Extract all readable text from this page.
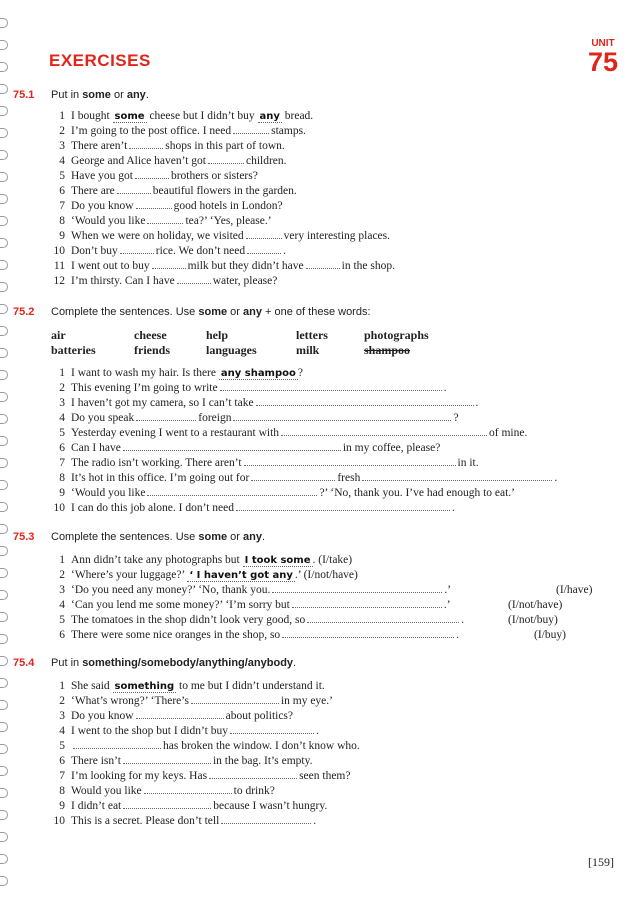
EXERCISES
UNIT
75
75.1 Put in some or any.
1 I bought some cheese but I didn’t buy any bread.
2 I’m going to the post office. I need	stamps.
3 There aren’t	shops in this part of town.
4 George and Alice haven’t got	children.
5 Have you got	brothers or sisters?
6 There are	beautiful flowers in the garden.
7 Do you know	good hotels in London?
8 ‘Would you like	tea?’ ‘Yes, please.’
9 When we were on holiday, we visited	very interesting places.
10 Don’t buy	rice. We don’t need	.
11 I went out to buy	milk but they didn’t have	in the shop.
12 I’m thirsty. Can I have	water, please?
75.2 Complete the sentences. Use some or any + one of these words:
air	cheese	help	letters	photographs
batteries	friends	languages	milk	shampoo
1 I want to wash my hair. Is there any shampoo ?
2 This evening I’m going to write	.
3 I haven’t got my camera, so I can’t take	.
4 Do you speak	foreign	?
5 Yesterday evening I went to a restaurant with	of mine.
6 Can I have	in my coffee, please?
7 The radio isn’t working. There aren’t	in it.
8 It’s hot in this office. I’m going out for	fresh	.
9 ‘Would you like	?’ ‘No, thank you. I’ve had enough to eat.’
10 I can do this job alone. I don’t need	.
75.3 Complete the sentences. Use some or any.
1 Ann didn’t take any photographs but I took some . (I/take)
2 ‘Where’s your luggage?’ ‘ I haven’t got any .’ (I/not/have)
3 ‘Do you need any money?’ ‘No, thank you.	.’	(I/have)
4 ‘Can you lend me some money?’ ‘I’m sorry but	.’	(I/not/have)
5 The tomatoes in the shop didn’t look very good, so	.	(I/not/buy)
6 There were some nice oranges in the shop, so	.	(I/buy)
75.4 Put in something/somebody/anything/anybody.
1 She said something to me but I didn’t understand it.
2 ‘What’s wrong?’ ‘There’s	in my eye.’
3 Do you know	about politics?
4 I went to the shop but I didn’t buy	.
5	has broken the window. I don’t know who.
6 There isn’t	in the bag. It’s empty.
7 I’m looking for my keys. Has	seen them?
8 Would you like	to drink?
9 I didn’t eat	because I wasn’t hungry.
10 This is a secret. Please don’t tell	.
[159]
